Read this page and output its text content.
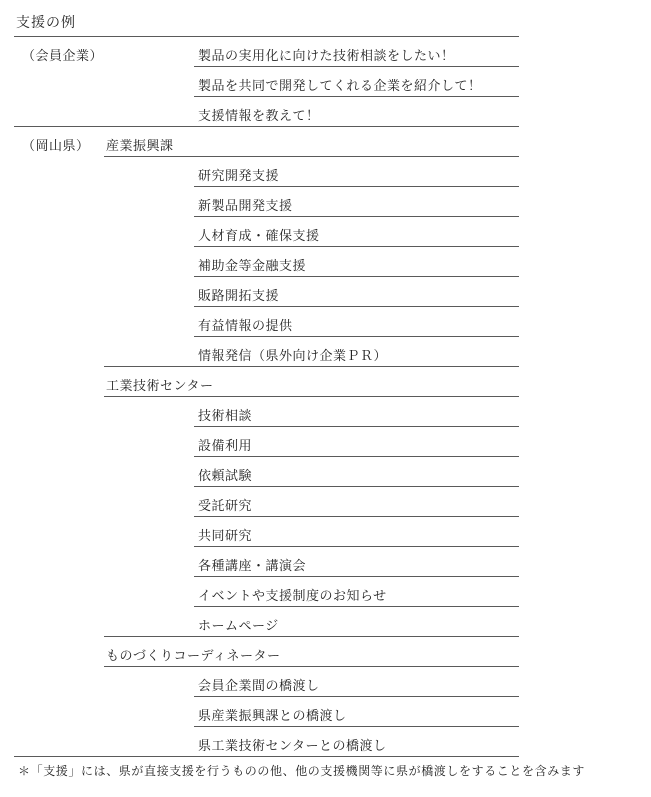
支援の例
（会員企業）	製品の実用化に向けた技術相談をしたい！
製品を共同で開発してくれる企業を紹介して！
支援情報を教えて！
（岡山県） 産業振興課
研究開発支援
新製品開発支援
人材育成・確保支援
補助金等金融支援
販路開拓支援
有益情報の提供
情報発信（県外向け企業ＰＲ）
工業技術センター
技術相談
設備利用
依頼試験
受託研究
共同研究
各種講座・講演会
イベントや支援制度のお知らせ
ホームページ
ものづくりコーディネーター
会員企業間の橋渡し
県産業振興課との橋渡し
県工業技術センターとの橋渡し
＊「支援」には、県が直接支援を行うものの他、他の支援機関等に県が橋渡しをすることを含みます
